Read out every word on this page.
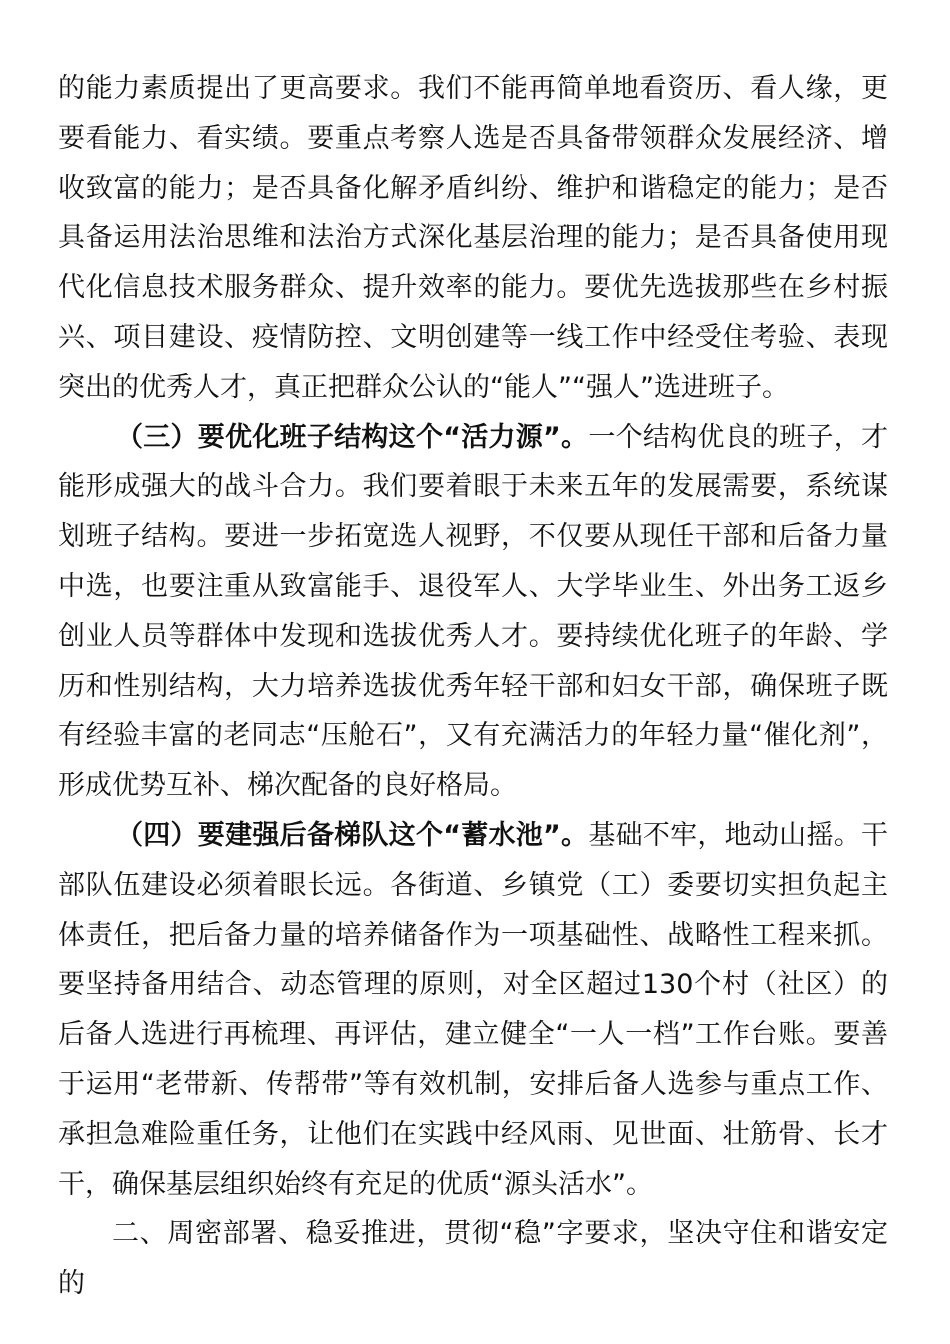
的能力素质提出了更高要求。我们不能再简单地看资历、看人缘，更要看能力、看实绩。要重点考察人选是否具备带领群众发展经济、增收致富的能力；是否具备化解矛盾纠纷、维护和谐稳定的能力；是否具备运用法治思维和法治方式深化基层治理的能力；是否具备使用现代化信息技术服务群众、提升效率的能力。要优先选拔那些在乡村振兴、项目建设、疫情防控、文明创建等一线工作中经受住考验、表现突出的优秀人才，真正把群众公认的“能人”“强人”选进班子。

（三）要优化班子结构这个“活力源”。一个结构优良的班子，才能形成强大的战斗合力。我们要着眼于未来五年的发展需要，系统谋划班子结构。要进一步拓宽选人视野，不仅要从现任干部和后备力量中选，也要注重从致富能手、退役军人、大学毕业生、外出务工返乡创业人员等群体中发现和选拔优秀人才。要持续优化班子的年龄、学历和性别结构，大力培养选拔优秀年轻干部和妇女干部，确保班子既有经验丰富的老同志“压舱石”，又有充满活力的年轻力量“催化剂”，形成优势互补、梯次配备的良好格局。

（四）要建强后备梯队这个“蓄水池”。基础不牢，地动山摇。干部队伍建设必须着眼长远。各街道、乡镇党（工）委要切实担负起主体责任，把后备力量的培养储备作为一项基础性、战略性工程来抓。要坚持备用结合、动态管理的原则，对全区超过130个村（社区）的后备人选进行再梳理、再评估，建立健全“一人一档”工作台账。要善于运用“老带新、传帮带”等有效机制，安排后备人选参与重点工作、承担急难险重任务，让他们在实践中经风雨、见世面、壮筋骨、长才干，确保基层组织始终有充足的优质“源头活水”。

二、周密部署、稳妥推进，贯彻“稳”字要求，坚决守住和谐安定的
